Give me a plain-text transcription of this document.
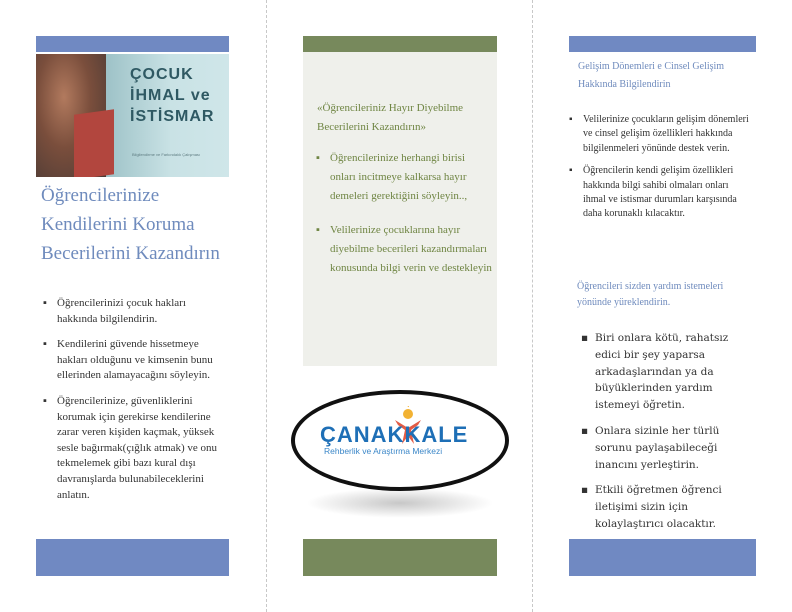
ÇOCUK
İHMAL ve
İSTİSMAR
Bilgilendirme ve Farkındalık Çalışması
Öğrencilerinize Kendilerini Koruma Becerilerini Kazandırın
▪ Öğrencilerinizi çocuk hakları hakkında bilgilendirin.
▪ Kendilerini güvende hissetmeye hakları olduğunu ve kimsenin bunu ellerinden alamayacağını söyleyin.
▪ Öğrencilerinize, güvenliklerini korumak için gerekirse kendilerine zarar veren kişiden kaçmak, yüksek sesle bağırmak(çığlık atmak) ve onu tekmelemek gibi bazı kural dışı davranışlarda bulunabileceklerini anlatın.
«Öğrencileriniz Hayır Diyebilme Becerilerini Kazandırın»
▪ Öğrencilerinize herhangi birisi onları incitmeye kalkarsa hayır demeleri gerektiğini söyleyin..,
▪ Velilerinize çocuklarına hayır diyebilme becerileri kazandırmaları konusunda bilgi verin ve destekleyin
ÇANAKKALE
Rehberlik ve Araştırma Merkezi
Gelişim Dönemleri e Cinsel Gelişim Hakkında Bilgilendirin
▪ Velilerinize çocukların gelişim dönemleri ve cinsel gelişim özellikleri hakkında bilgilenmeleri yönünde destek verin.
▪ Öğrencilerin kendi gelişim özellikleri hakkında bilgi sahibi olmaları onları ihmal ve istismar durumları karşısında daha korunaklı kılacaktır.
Öğrencileri sizden yardım istemeleri yönünde yüreklendirin.
▪ Biri onlara kötü, rahatsız edici bir şey yaparsa arkadaşlarından ya da büyüklerinden yardım istemeyi öğretin.
▪ Onlara sizinle her türlü sorunu paylaşabileceği inancını yerleştirin.
▪ Etkili öğretmen öğrenci iletişimi sizin için kolaylaştırıcı olacaktır.
